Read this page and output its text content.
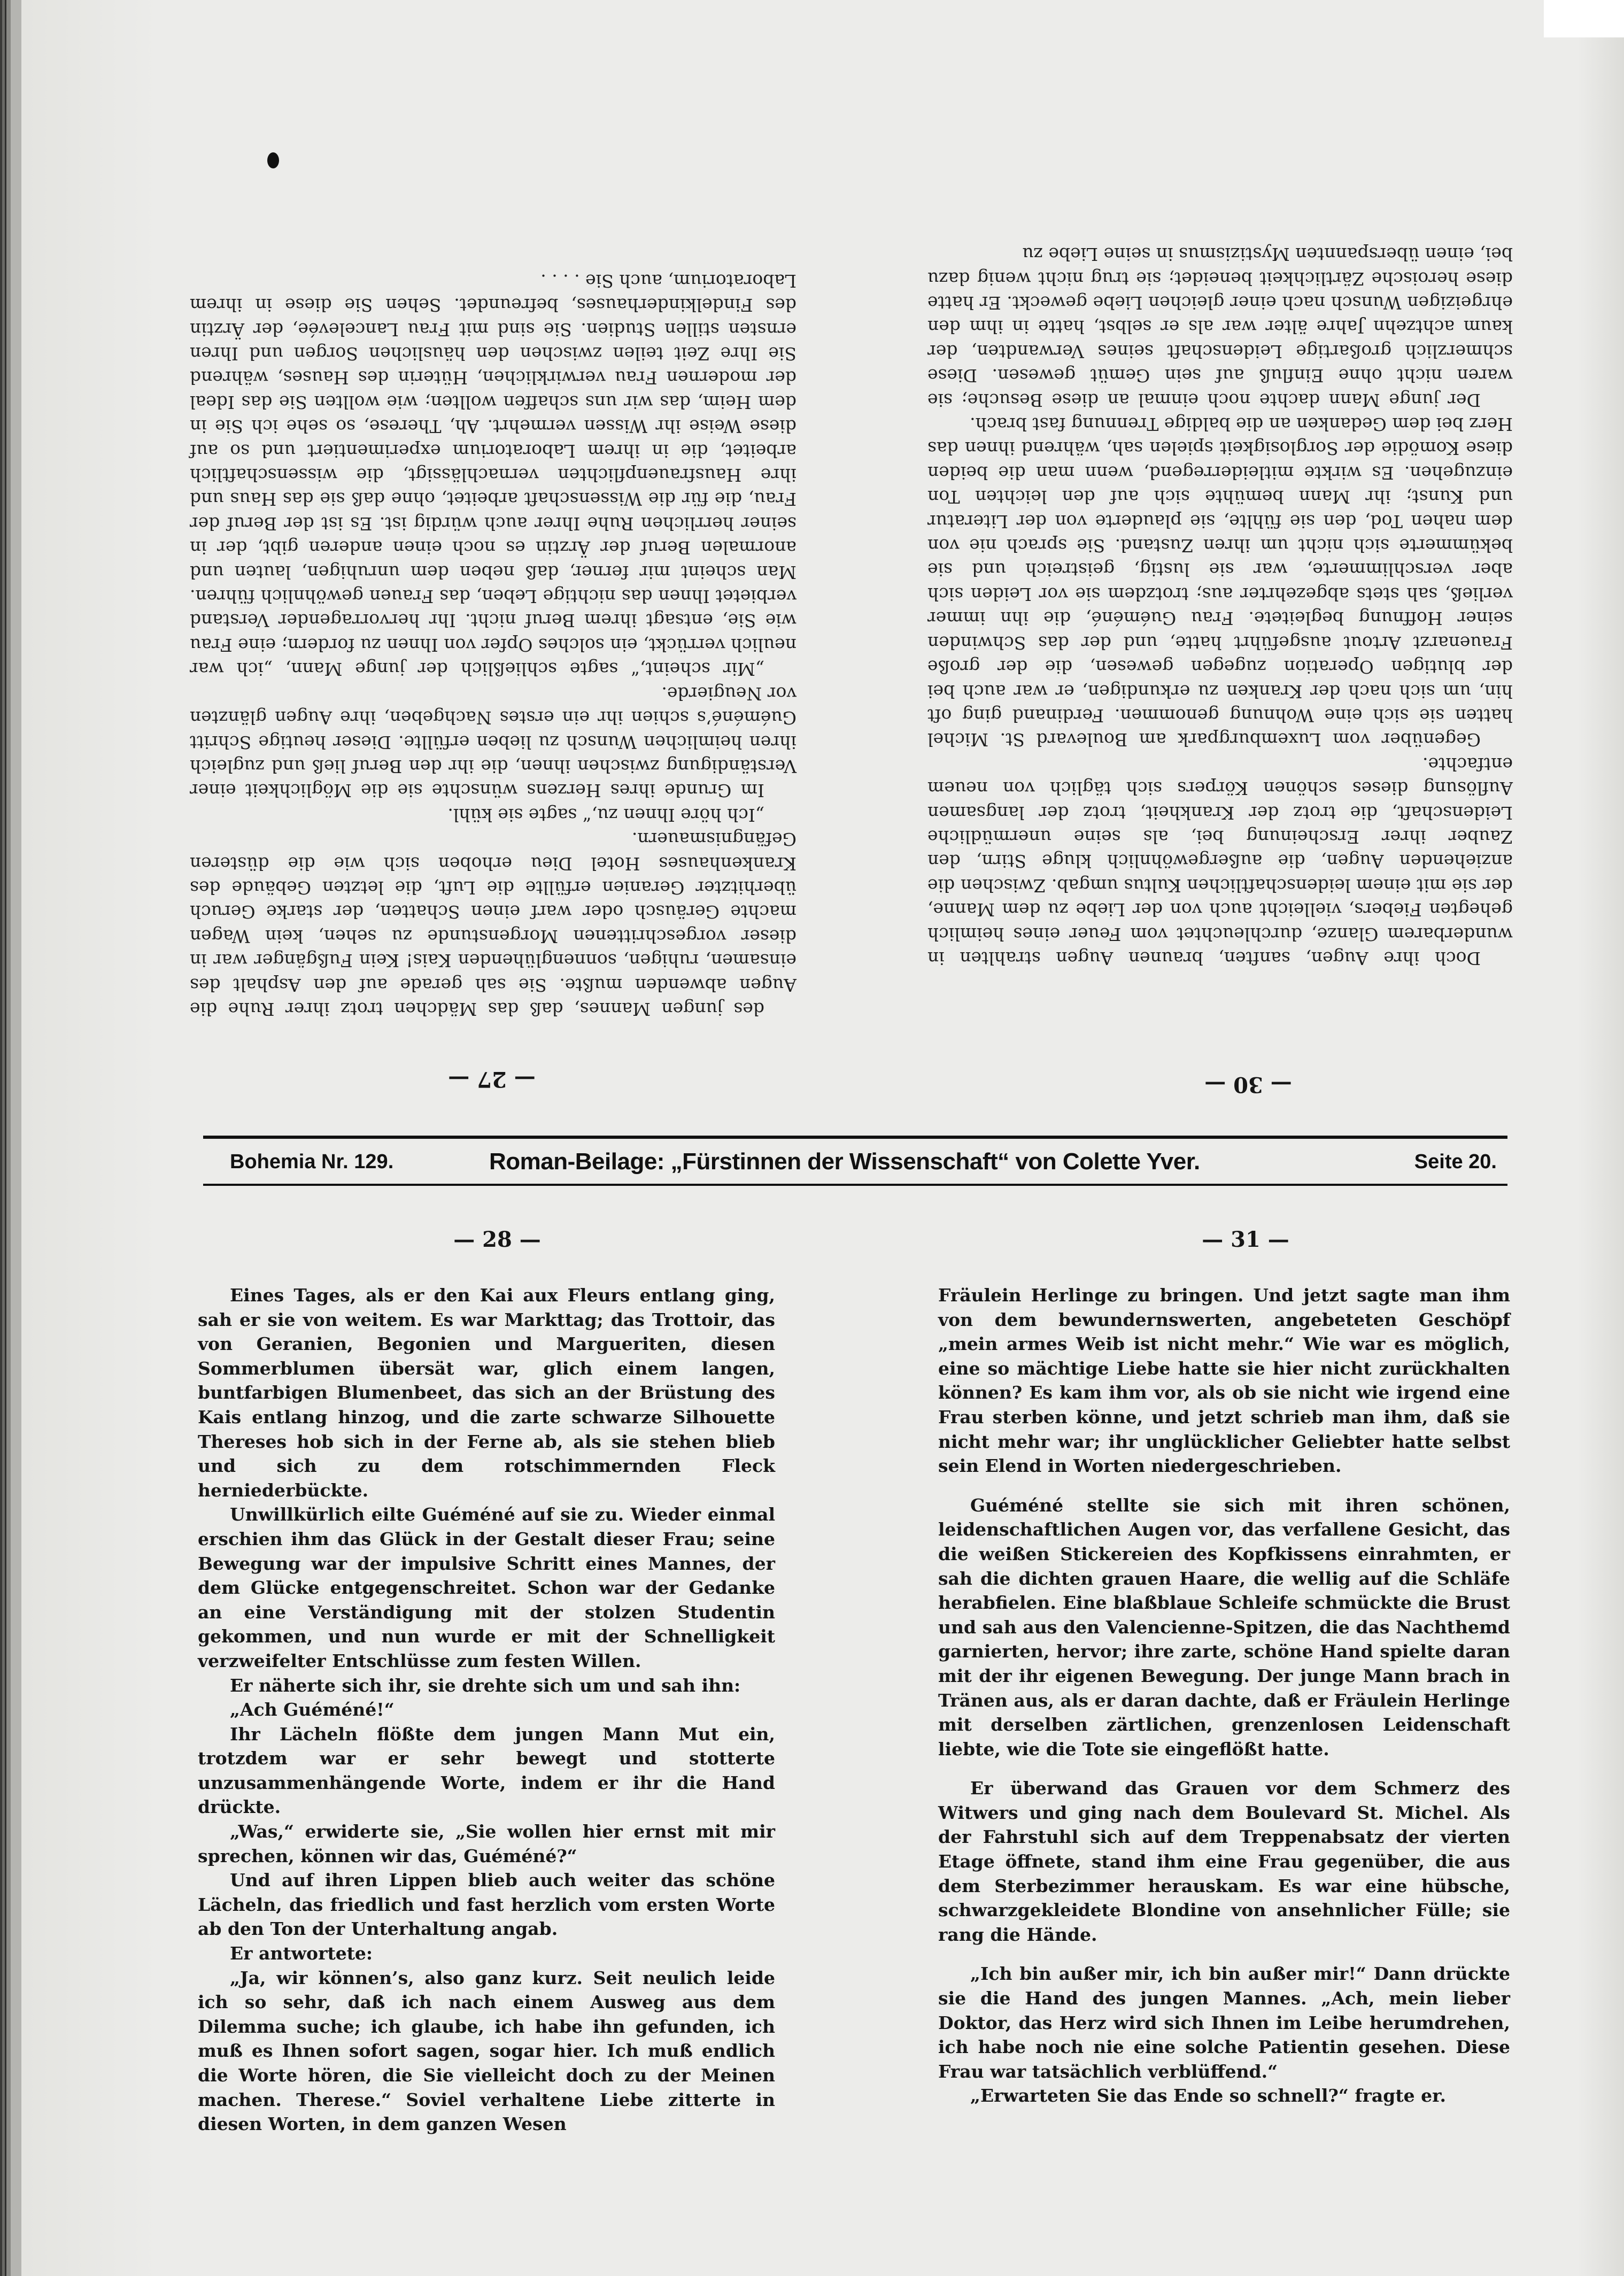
Doch ihre Augen, sanften, braunen Augen strahlten in wunderbarem Glanze, durchleuchtet vom Feuer eines heimlich gehegten Fiebers, vielleicht auch von der Liebe zu dem Manne, der sie mit einem leidenschaftlichen Kultus umgab. Zwischen die anziehenden Augen, die außergewöhnlich kluge Stirn, den Zauber ihrer Erscheinung bei, als seine unermüdliche Leidenschaft, die trotz der Krankheit, trotz der langsamen Auflösung dieses schönen Körpers sich täglich von neuem entfachte.

Gegenüber vom Luxemburgpark am Boulevard St. Michel hatten sie sich eine Wohnung genommen. Ferdinand ging oft hin, um sich nach der Kranken zu erkundigen, er war auch bei der blutigen Operation zugegen gewesen, die der große Frauenarzt Artout ausgeführt hatte, und der das Schwinden seiner Hoffnung begleitete. Frau Guéméné, die ihn immer verließ, sah stets abgezehrter aus; trotzdem sie vor Leiden sich aber verschlimmerte, war sie lustig, geistreich und sie bekümmerte sich nicht um ihren Zustand. Sie sprach nie von dem nahen Tod, den sie fühlte, sie plauderte von der Literatur und Kunst; ihr Mann bemühte sich auf den leichten Ton einzugehen. Es wirkte mitleiderregend, wenn man die beiden diese Komödie der Sorglosigkeit spielen sah, während ihnen das Herz bei dem Gedanken an die baldige Trennung fast brach.

Der junge Mann dachte noch einmal an diese Besuche; sie waren nicht ohne Einfluß auf sein Gemüt gewesen. Diese schmerzlich großartige Leidenschaft seines Verwandten, der kaum achtzehn Jahre älter war als er selbst, hatte in ihm den ehrgeizigen Wunsch nach einer gleichen Liebe geweckt. Er hatte diese heroische Zärtlichkeit beneidet; sie trug nicht wenig dazu bei, einen überspannten Mystizismus in seine Liebe zu

des jungen Mannes, daß das Mädchen trotz ihrer Ruhe die Augen abwenden mußte. Sie sah gerade auf den Asphalt des einsamen, ruhigen, sonnenglühenden Kais! Kein Fußgänger war in dieser vorgeschrittenen Morgenstunde zu sehen, kein Wagen machte Geräusch oder warf einen Schatten, der starke Geruch überhitzter Geranien erfüllte die Luft, die letzten Gebäude des Krankenhauses Hotel Dieu erhoben sich wie die düsteren Gefängnismauern.

„Ich höre Ihnen zu,“ sagte sie kühl.

Im Grunde ihres Herzens wünschte sie die Möglichkeit einer Verständigung zwischen ihnen, die ihr den Beruf ließ und zugleich ihren heimlichen Wunsch zu lieben erfüllte. Dieser heutige Schritt Guéméné’s schien ihr ein erstes Nachgeben, ihre Augen glänzten vor Neugierde.

„Mir scheint,“ sagte schließlich der junge Mann, „ich war neulich verrückt, ein solches Opfer von Ihnen zu fordern; eine Frau wie Sie, entsagt ihrem Beruf nicht. Ihr hervorragender Verstand verbietet Ihnen das nichtige Leben, das Frauen gewöhnlich führen. Man scheint mir ferner, daß neben dem unruhigen, lauten und anormalen Beruf der Ärztin es noch einen anderen gibt, der in seiner herrlichen Ruhe Ihrer auch würdig ist. Es ist der Beruf der Frau, die für die Wissenschaft arbeitet, ohne daß sie das Haus und ihre Hausfrauenpflichten vernachlässigt, die wissenschaftlich arbeitet, die in ihrem Laboratorium experimentiert und so auf diese Weise ihr Wissen vermehrt. Ah, Therese, so sehe ich Sie in dem Heim, das wir uns schaffen wollten; wie wollten Sie das Ideal der modernen Frau verwirklichen, Hüterin des Hauses, während Sie Ihre Zeit teilen zwischen den häuslichen Sorgen und Ihren ernsten stillen Studien. Sie sind mit Frau Lancelevée, der Ärztin des Findelkinderhauses, befreundet. Sehen Sie diese in ihrem Laboratorium, auch Sie . . . .

— 27 —	— 30 —
Bohemia Nr. 129.	Roman-Beilage: „Fürstinnen der Wissenschaft“ von Colette Yver.	Seite 20.
— 28 —	— 31 —

Eines Tages, als er den Kai aux Fleurs entlang ging, sah er sie von weitem. Es war Markttag; das Trottoir, das von Geranien, Begonien und Margueriten, diesen Sommerblumen übersät war, glich einem langen, buntfarbigen Blumenbeet, das sich an der Brüstung des Kais entlang hinzog, und die zarte schwarze Silhouette Thereses hob sich in der Ferne ab, als sie stehen blieb und sich zu dem rotschimmernden Fleck herniederbückte.

Unwillkürlich eilte Guéméné auf sie zu. Wieder einmal erschien ihm das Glück in der Gestalt dieser Frau; seine Bewegung war der impulsive Schritt eines Mannes, der dem Glücke entgegenschreitet. Schon war der Gedanke an eine Verständigung mit der stolzen Studentin gekommen, und nun wurde er mit der Schnelligkeit verzweifelter Entschlüsse zum festen Willen.

Er näherte sich ihr, sie drehte sich um und sah ihn:

„Ach Guéméné!“

Ihr Lächeln flößte dem jungen Mann Mut ein, trotzdem war er sehr bewegt und stotterte unzusammenhängende Worte, indem er ihr die Hand drückte.

„Was,“ erwiderte sie, „Sie wollen hier ernst mit mir sprechen, können wir das, Guéméné?“

Und auf ihren Lippen blieb auch weiter das schöne Lächeln, das friedlich und fast herzlich vom ersten Worte ab den Ton der Unterhaltung angab.

Er antwortete:

„Ja, wir können’s, also ganz kurz. Seit neulich leide ich so sehr, daß ich nach einem Ausweg aus dem Dilemma suche; ich glaube, ich habe ihn gefunden, ich muß es Ihnen sofort sagen, sogar hier. Ich muß endlich die Worte hören, die Sie vielleicht doch zu der Meinen machen. Therese.“ Soviel verhaltene Liebe zitterte in diesen Worten, in dem ganzen Wesen

Fräulein Herlinge zu bringen. Und jetzt sagte man ihm von dem bewundernswerten, angebeteten Geschöpf „mein armes Weib ist nicht mehr.“ Wie war es möglich, eine so mächtige Liebe hatte sie hier nicht zurückhalten können? Es kam ihm vor, als ob sie nicht wie irgend eine Frau sterben könne, und jetzt schrieb man ihm, daß sie nicht mehr war; ihr unglücklicher Geliebter hatte selbst sein Elend in Worten niedergeschrieben.

Guéméné stellte sie sich mit ihren schönen, leidenschaftlichen Augen vor, das verfallene Gesicht, das die weißen Stickereien des Kopfkissens einrahmten, er sah die dichten grauen Haare, die wellig auf die Schläfe herabfielen. Eine blaßblaue Schleife schmückte die Brust und sah aus den Valencienne-Spitzen, die das Nachthemd garnierten, hervor; ihre zarte, schöne Hand spielte daran mit der ihr eigenen Bewegung. Der junge Mann brach in Tränen aus, als er daran dachte, daß er Fräulein Herlinge mit derselben zärtlichen, grenzenlosen Leidenschaft liebte, wie die Tote sie eingeflößt hatte.

Er überwand das Grauen vor dem Schmerz des Witwers und ging nach dem Boulevard St. Michel. Als der Fahrstuhl sich auf dem Treppenabsatz der vierten Etage öffnete, stand ihm eine Frau gegenüber, die aus dem Sterbezimmer herauskam. Es war eine hübsche, schwarzgekleidete Blondine von ansehnlicher Fülle; sie rang die Hände.

„Ich bin außer mir, ich bin außer mir!“ Dann drückte sie die Hand des jungen Mannes. „Ach, mein lieber Doktor, das Herz wird sich Ihnen im Leibe herumdrehen, ich habe noch nie eine solche Patientin gesehen. Diese Frau war tatsächlich verblüffend.“

„Erwarteten Sie das Ende so schnell?“ fragte er.
